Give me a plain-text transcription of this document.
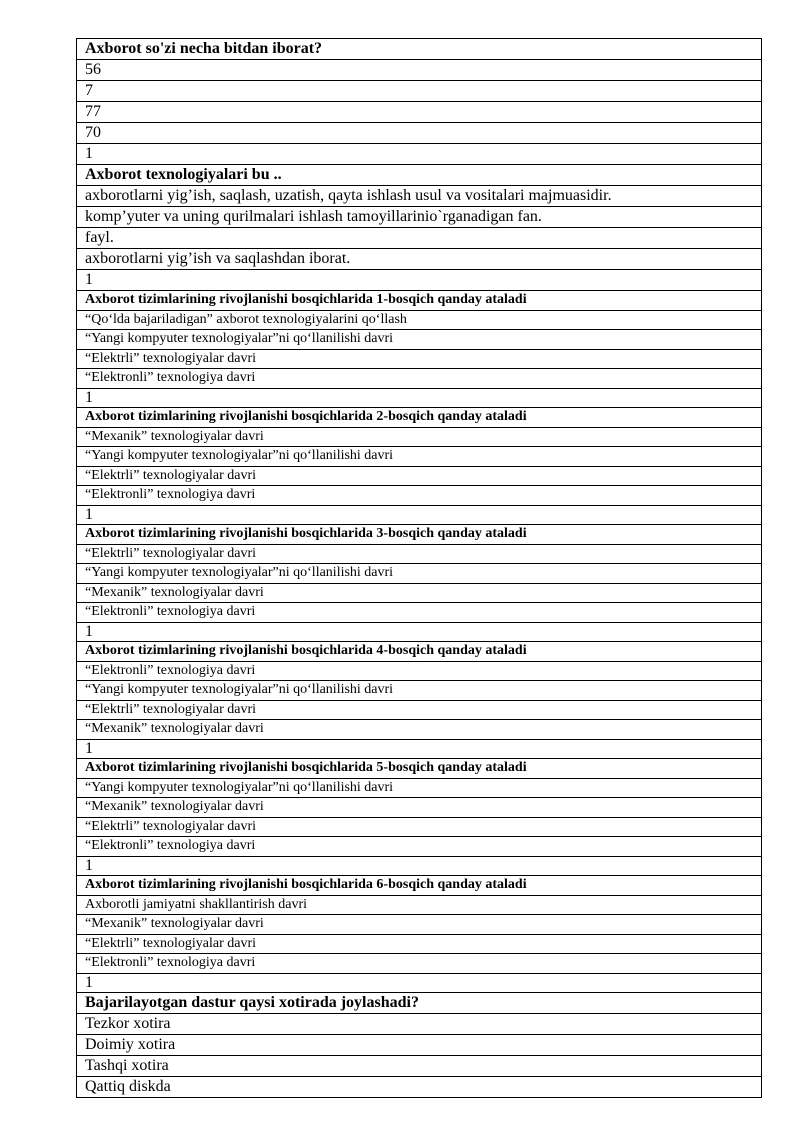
Axborot so'zi necha bitdan iborat?
56
7
77
70
1
Axborot texnologiyalari bu ..
axborotlarni yig’ish, saqlash, uzatish, qayta ishlash usul va vositalari majmuasidir.
komp’yuter va uning qurilmalari ishlash tamoyillarinio`rganadigan fan.
fayl.
axborotlarni yig’ish va saqlashdan iborat.
1
Axborot tizimlarining rivojlanishi bosqichlarida 1-bosqich qanday ataladi
“Qo‘lda bajariladigan” axborot texnologiyalarini qo‘llash
“Yangi kompyuter texnologiyalar”ni qo‘llanilishi davri
“Elektrli” texnologiyalar davri
“Elektronli” texnologiya davri
1
Axborot tizimlarining rivojlanishi bosqichlarida 2-bosqich qanday ataladi
“Mexanik” texnologiyalar davri
“Yangi kompyuter texnologiyalar”ni qo‘llanilishi davri
“Elektrli” texnologiyalar davri
“Elektronli” texnologiya davri
1
Axborot tizimlarining rivojlanishi bosqichlarida 3-bosqich qanday ataladi
“Elektrli” texnologiyalar davri
“Yangi kompyuter texnologiyalar”ni qo‘llanilishi davri
“Mexanik” texnologiyalar davri
“Elektronli” texnologiya davri
1
Axborot tizimlarining rivojlanishi bosqichlarida 4-bosqich qanday ataladi
“Elektronli” texnologiya davri
“Yangi kompyuter texnologiyalar”ni qo‘llanilishi davri
“Elektrli” texnologiyalar davri
“Mexanik” texnologiyalar davri
1
Axborot tizimlarining rivojlanishi bosqichlarida 5-bosqich qanday ataladi
“Yangi kompyuter texnologiyalar”ni qo‘llanilishi davri
“Mexanik” texnologiyalar davri
“Elektrli” texnologiyalar davri
“Elektronli” texnologiya davri
1
Axborot tizimlarining rivojlanishi bosqichlarida 6-bosqich qanday ataladi
Axborotli jamiyatni shakllantirish davri
“Mexanik” texnologiyalar davri
“Elektrli” texnologiyalar davri
“Elektronli” texnologiya davri
1
Bajarilayotgan dastur qaysi xotirada joylashadi?
Tezkor xotira
Doimiy xotira
Tashqi xotira
Qattiq diskda
